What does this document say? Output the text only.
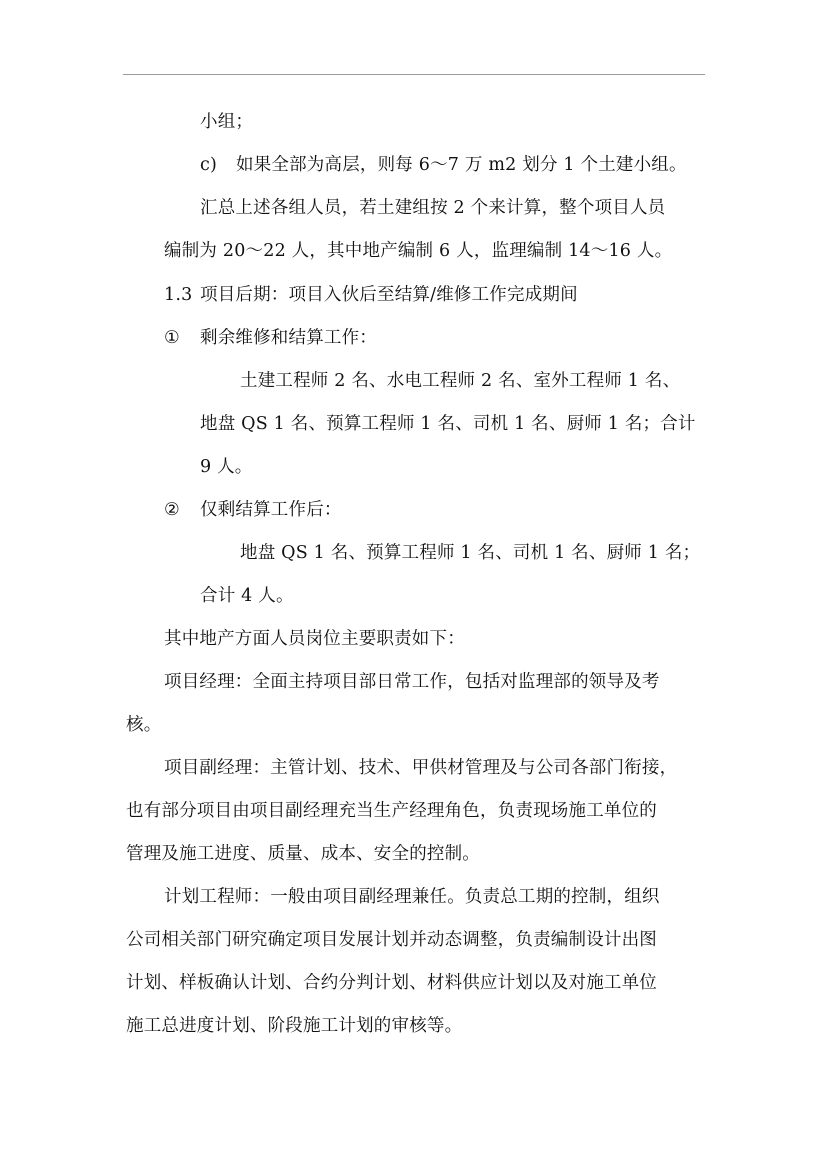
小组；
c) 如果全部为高层，则每 6～7 万 m2 划分 1 个土建小组。
汇总上述各组人员，若土建组按 2 个来计算，整个项目人员
编制为 20～22 人，其中地产编制 6 人，监理编制 14～16 人。
1.3 项目后期：项目入伙后至结算/维修工作完成期间
① 剩余维修和结算工作：
土建工程师 2 名、水电工程师 2 名、室外工程师 1 名、
地盘 QS 1 名、预算工程师 1 名、司机 1 名、厨师 1 名；合计
9 人。
② 仅剩结算工作后：
地盘 QS 1 名、预算工程师 1 名、司机 1 名、厨师 1 名；
合计 4 人。
其中地产方面人员岗位主要职责如下：
项目经理：全面主持项目部日常工作，包括对监理部的领导及考
核。
项目副经理：主管计划、技术、甲供材管理及与公司各部门衔接，
也有部分项目由项目副经理充当生产经理角色，负责现场施工单位的
管理及施工进度、质量、成本、安全的控制。
计划工程师：一般由项目副经理兼任。负责总工期的控制，组织
公司相关部门研究确定项目发展计划并动态调整，负责编制设计出图
计划、样板确认计划、合约分判计划、材料供应计划以及对施工单位
施工总进度计划、阶段施工计划的审核等。
